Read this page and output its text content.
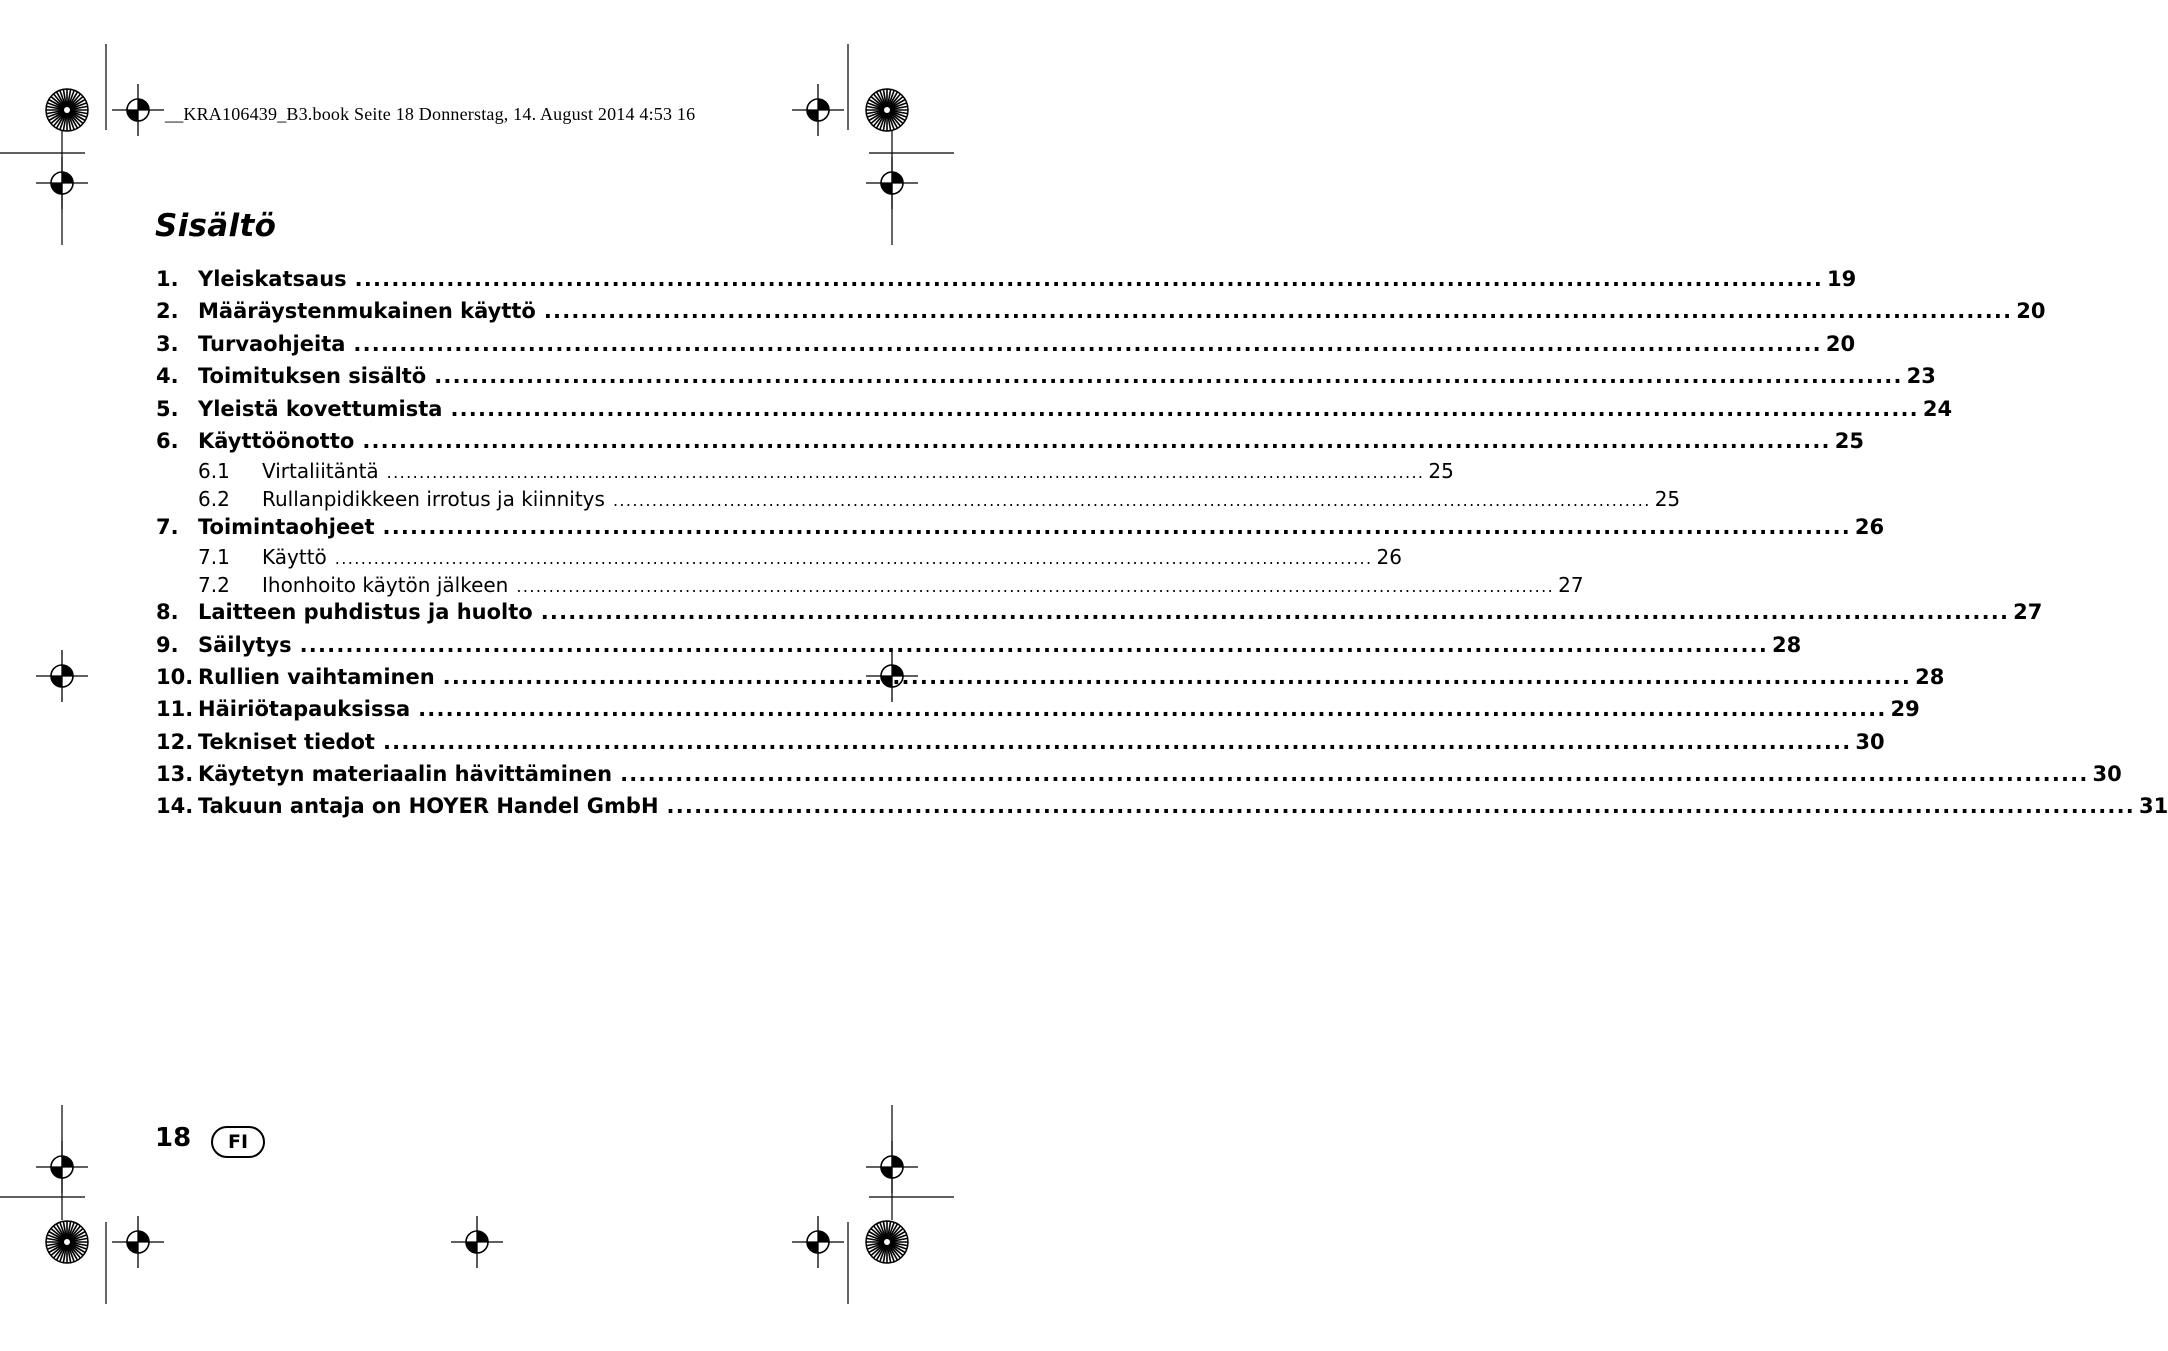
__KRA106439_B3.book Seite 18 Donnerstag, 14. August 2014 4:53 16
Sisältö
1. Yleiskatsaus ................................................................................................................................................................ 19
2. Määräystenmukainen käyttö ................................................................................................................................................................ 20
3. Turvaohjeita ................................................................................................................................................................ 20
4. Toimituksen sisältö ................................................................................................................................................................ 23
5. Yleistä kovettumista ................................................................................................................................................................ 24
6. Käyttöönotto ................................................................................................................................................................ 25
6.1	Virtaliitäntä ................................................................................................................................................................ 25
6.2	Rullanpidikkeen irrotus ja kiinnitys ................................................................................................................................................................ 25
7. Toimintaohjeet ................................................................................................................................................................ 26
7.1	Käyttö ................................................................................................................................................................ 26
7.2	Ihonhoito käytön jälkeen ................................................................................................................................................................ 27
8. Laitteen puhdistus ja huolto ................................................................................................................................................................ 27
9. Säilytys ................................................................................................................................................................ 28
10. Rullien vaihtaminen ................................................................................................................................................................ 28
11. Häiriötapauksissa ................................................................................................................................................................ 29
12. Tekniset tiedot ................................................................................................................................................................ 30
13. Käytetyn materiaalin hävittäminen ................................................................................................................................................................ 30
14. Takuun antaja on HOYER Handel GmbH ................................................................................................................................................................ 31
18 FI
